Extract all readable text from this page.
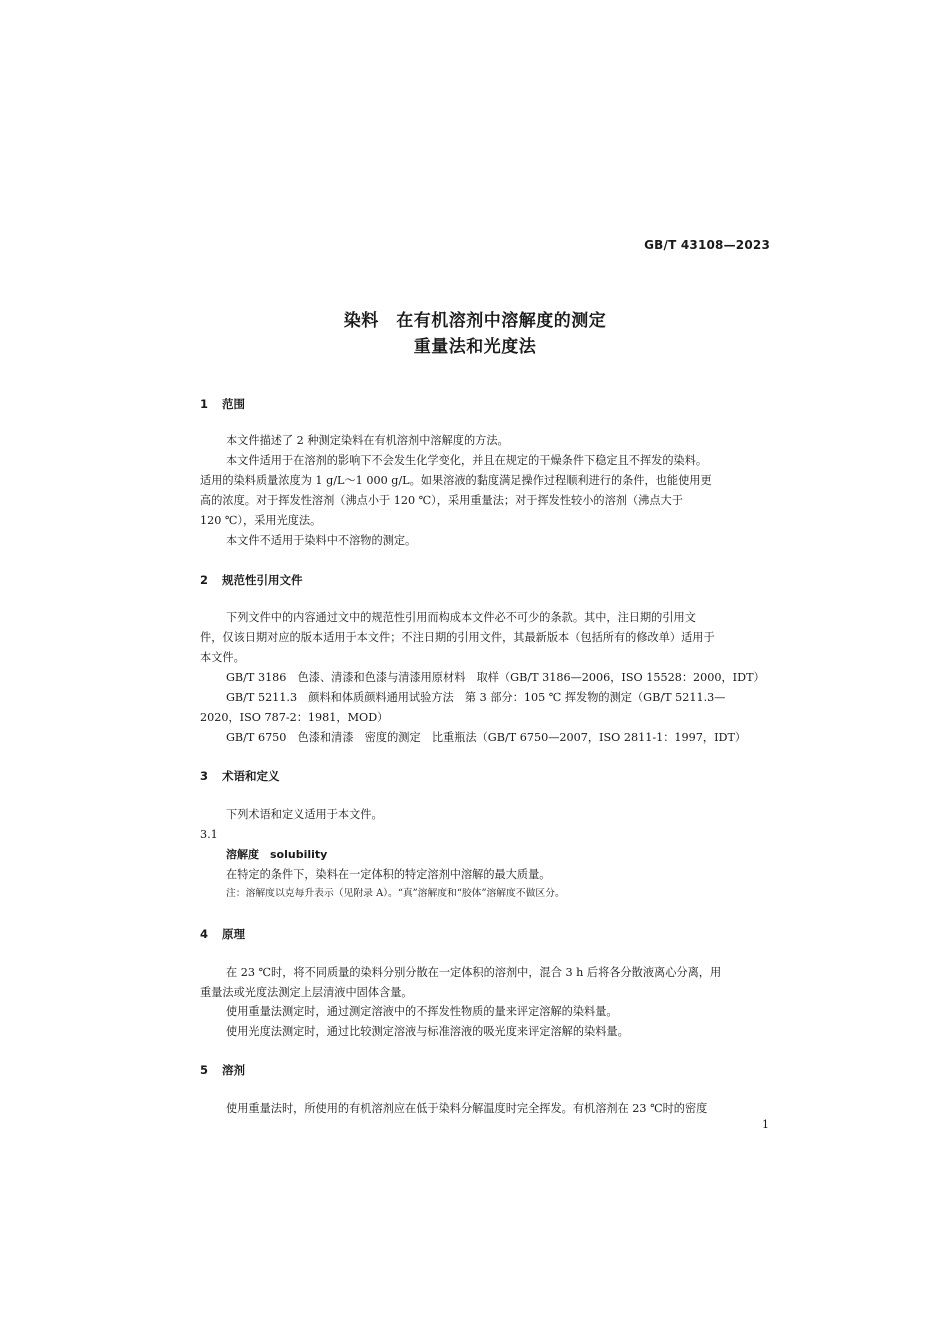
GB/T 43108—2023
染料　在有机溶剂中溶解度的测定
重量法和光度法
1 范围
本文件描述了 2 种测定染料在有机溶剂中溶解度的方法。
本文件适用于在溶剂的影响下不会发生化学变化，并且在规定的干燥条件下稳定且不挥发的染料。
适用的染料质量浓度为 1 g/L～1 000 g/L。如果溶液的黏度满足操作过程顺利进行的条件，也能使用更
高的浓度。对于挥发性溶剂（沸点小于 120 ℃），采用重量法；对于挥发性较小的溶剂（沸点大于
120 ℃），采用光度法。
本文件不适用于染料中不溶物的测定。
2 规范性引用文件
下列文件中的内容通过文中的规范性引用而构成本文件必不可少的条款。其中，注日期的引用文
件，仅该日期对应的版本适用于本文件；不注日期的引用文件，其最新版本（包括所有的修改单）适用于
本文件。
GB/T 3186　色漆、清漆和色漆与清漆用原材料　取样（GB/T 3186—2006，ISO 15528：2000，IDT）
GB/T 5211.3　颜料和体质颜料通用试验方法　第 3 部分：105 ℃ 挥发物的测定（GB/T 5211.3—
2020，ISO 787-2：1981，MOD）
GB/T 6750　色漆和清漆　密度的测定　比重瓶法（GB/T 6750—2007，ISO 2811-1：1997，IDT）
3 术语和定义
下列术语和定义适用于本文件。
3.1
溶解度　solubility
在特定的条件下，染料在一定体积的特定溶剂中溶解的最大质量。
注：溶解度以克每升表示（见附录 A）。“真”溶解度和“胶体”溶解度不做区分。
4 原理
在 23 ℃时，将不同质量的染料分别分散在一定体积的溶剂中，混合 3 h 后将各分散液离心分离，用
重量法或光度法测定上层清液中固体含量。
使用重量法测定时，通过测定溶液中的不挥发性物质的量来评定溶解的染料量。
使用光度法测定时，通过比较测定溶液与标准溶液的吸光度来评定溶解的染料量。
5 溶剂
使用重量法时，所使用的有机溶剂应在低于染料分解温度时完全挥发。有机溶剂在 23 ℃时的密度
1
